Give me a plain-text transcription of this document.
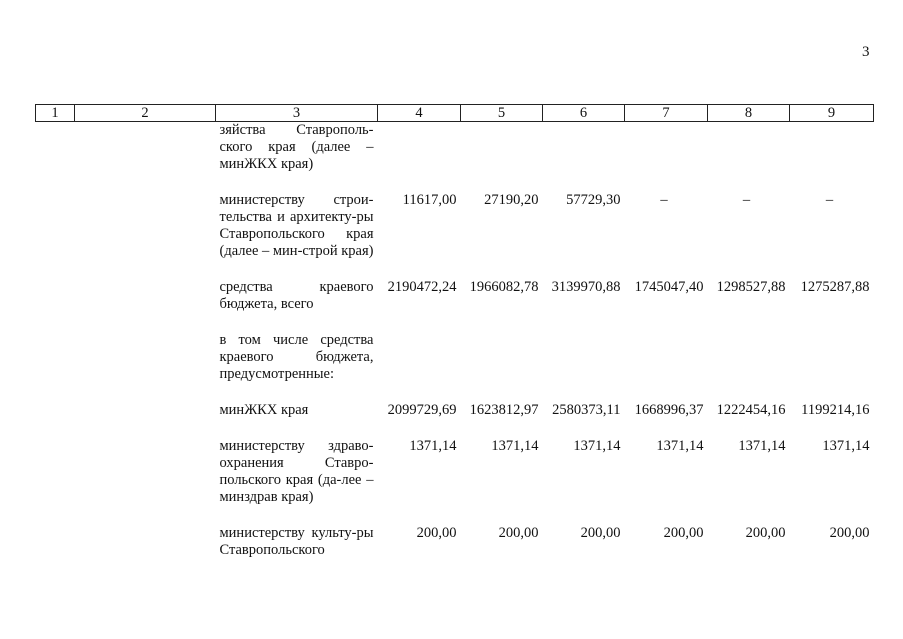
3
1	2	3	4	5	6	7	8	9

		зяйства Ставрополь-ского края (далее – минЖКХ края)						

		министерству строи-тельства и архитекту-ры Ставропольского края (далее – мин-строй края)	11617,00	27190,20	57729,30	–	–	–

		средства краевого бюджета, всего	2190472,24	1966082,78	3139970,88	1745047,40	1298527,88	1275287,88

		в том числе средства краевого бюджета, предусмотренные:						

		минЖКХ края	2099729,69	1623812,97	2580373,11	1668996,37	1222454,16	1199214,16

		министерству здраво-охранения Ставро-польского края (да-лее – минздрав края)	1371,14	1371,14	1371,14	1371,14	1371,14	1371,14

		министерству культу-ры Ставропольского	200,00	200,00	200,00	200,00	200,00	200,00
